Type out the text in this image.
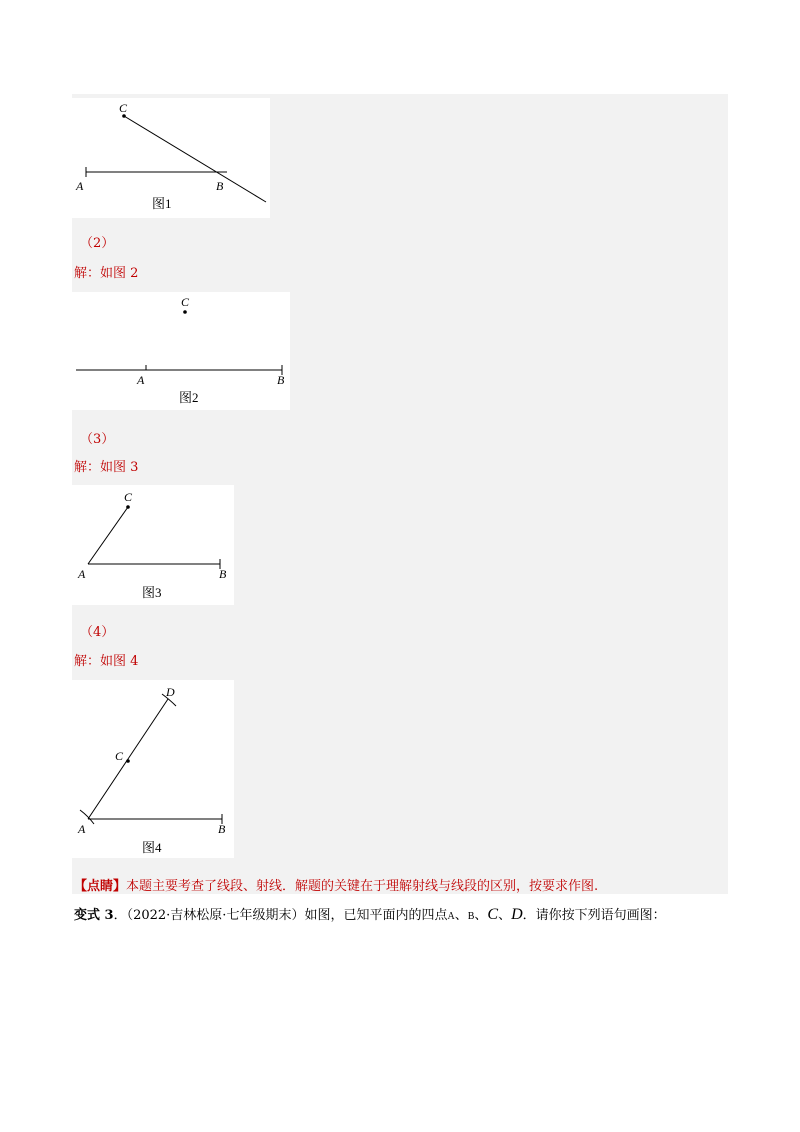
C
A	B
图1
（2）
解：如图 2
C
A	B
图2
（3）
解：如图 3
C
A	B
图3
（4）
解：如图 4
D
C
A	B
图4
【点睛】本题主要考查了线段、射线．解题的关键在于理解射线与线段的区别，按要求作图.
变式 3．（2022·吉林松原·七年级期末）如图，已知平面内的四点A、B、C、D．请你按下列语句画图：
